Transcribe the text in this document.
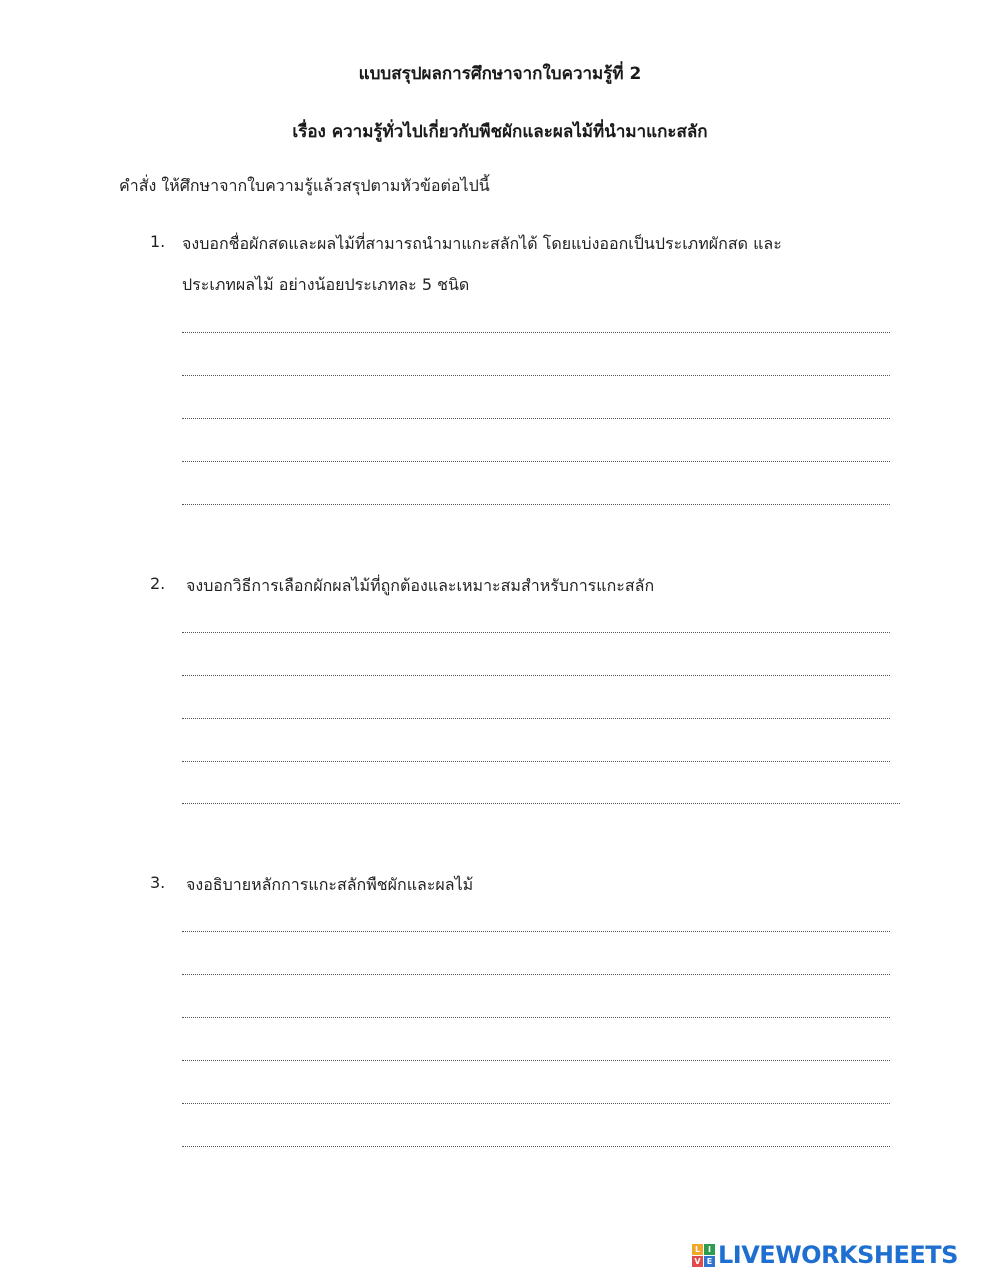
แบบสรุปผลการศึกษาจากใบความรู้ที่ 2
เรื่อง ความรู้ทั่วไปเกี่ยวกับพืชผักและผลไม้ที่นำมาแกะสลัก
คำสั่ง ให้ศึกษาจากใบความรู้แล้วสรุปตามหัวข้อต่อไปนี้
1. จงบอกชื่อผักสดและผลไม้ที่สามารถนำมาแกะสลักได้ โดยแบ่งออกเป็นประเภทผักสด และ
ประเภทผลไม้ อย่างน้อยประเภทละ 5 ชนิด
2. จงบอกวิธีการเลือกผักผลไม้ที่ถูกต้องและเหมาะสมสำหรับการแกะสลัก
3. จงอธิบายหลักการแกะสลักพืชผักและผลไม้
L I
V E LIVEWORKSHEETS
